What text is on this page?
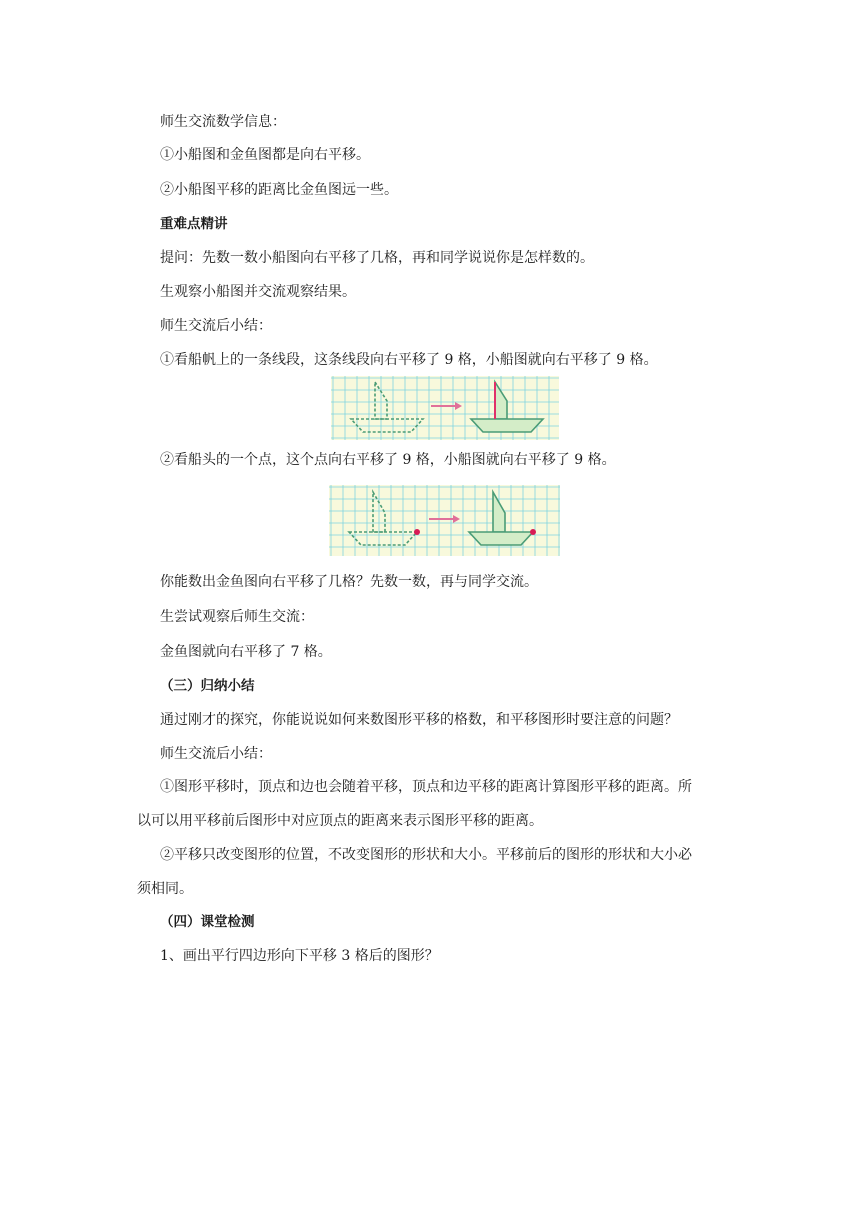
师生交流数学信息：
①小船图和金鱼图都是向右平移。
②小船图平移的距离比金鱼图远一些。
重难点精讲
提问：先数一数小船图向右平移了几格，再和同学说说你是怎样数的。
生观察小船图并交流观察结果。
师生交流后小结：
①看船帆上的一条线段，这条线段向右平移了 9 格，小船图就向右平移了 9 格。
②看船头的一个点，这个点向右平移了 9 格，小船图就向右平移了 9 格。
你能数出金鱼图向右平移了几格？先数一数，再与同学交流。
生尝试观察后师生交流：
金鱼图就向右平移了 7 格。
（三）归纳小结
通过刚才的探究，你能说说如何来数图形平移的格数，和平移图形时要注意的问题？
师生交流后小结：
①图形平移时，顶点和边也会随着平移，顶点和边平移的距离计算图形平移的距离。所
以可以用平移前后图形中对应顶点的距离来表示图形平移的距离。
②平移只改变图形的位置，不改变图形的形状和大小。平移前后的图形的形状和大小必
须相同。
（四）课堂检测
1、画出平行四边形向下平移 3 格后的图形？
